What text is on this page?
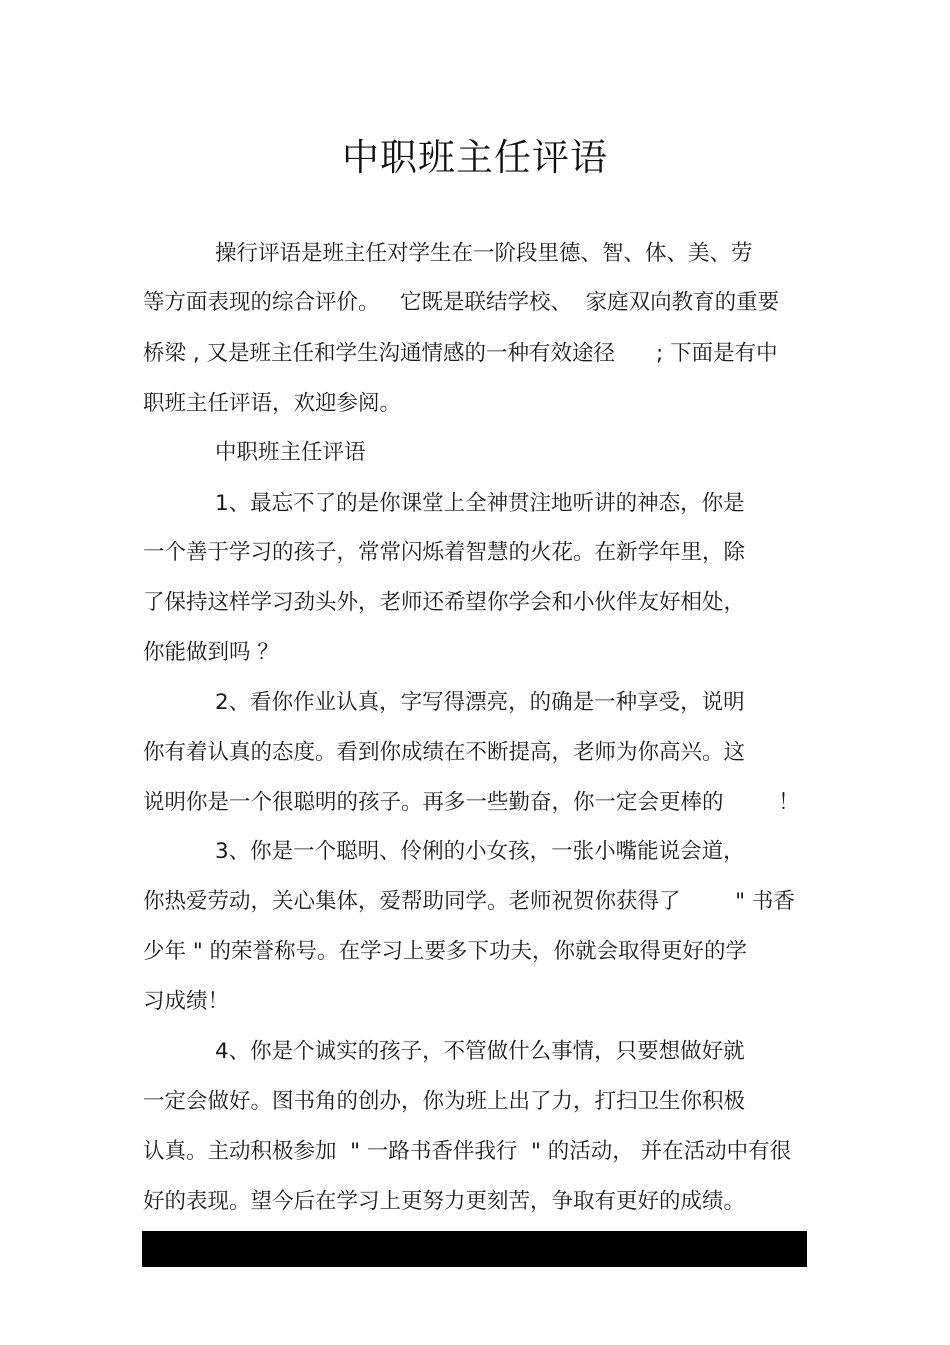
中职班主任评语
操行评语是班主任对学生在一阶段里德、智、体、美、劳
等方面表现的综合评价。   它既是联结学校、  家庭双向教育的重要
桥梁 , 又是班主任和学生沟通情感的一种有效途径      ; 下面是有中
职班主任评语，欢迎参阅。
中职班主任评语
1、最忘不了的是你课堂上全神贯注地听讲的神态，你是
一个善于学习的孩子，常常闪烁着智慧的火花。在新学年里，除
了保持这样学习劲头外，老师还希望你学会和小伙伴友好相处，
你能做到吗 ？
2、看你作业认真，字写得漂亮，的确是一种享受，说明
你有着认真的态度。看到你成绩在不断提高，老师为你高兴。这
说明你是一个很聪明的孩子。再多一些勤奋，你一定会更棒的        ！
3、你是一个聪明、伶俐的小女孩，一张小嘴能说会道，
你热爱劳动，关心集体，爱帮助同学。老师祝贺你获得了        " 书香
少年 " 的荣誉称号。在学习上要多下功夫，你就会取得更好的学
习成绩！
4、你是个诚实的孩子，不管做什么事情，只要想做好就
一定会做好。图书角的创办，你为班上出了力，打扫卫生你积极
认真。主动积极参加  " 一路书香伴我行  " 的活动， 并在活动中有很
好的表现。望今后在学习上更努力更刻苦，争取有更好的成绩。
